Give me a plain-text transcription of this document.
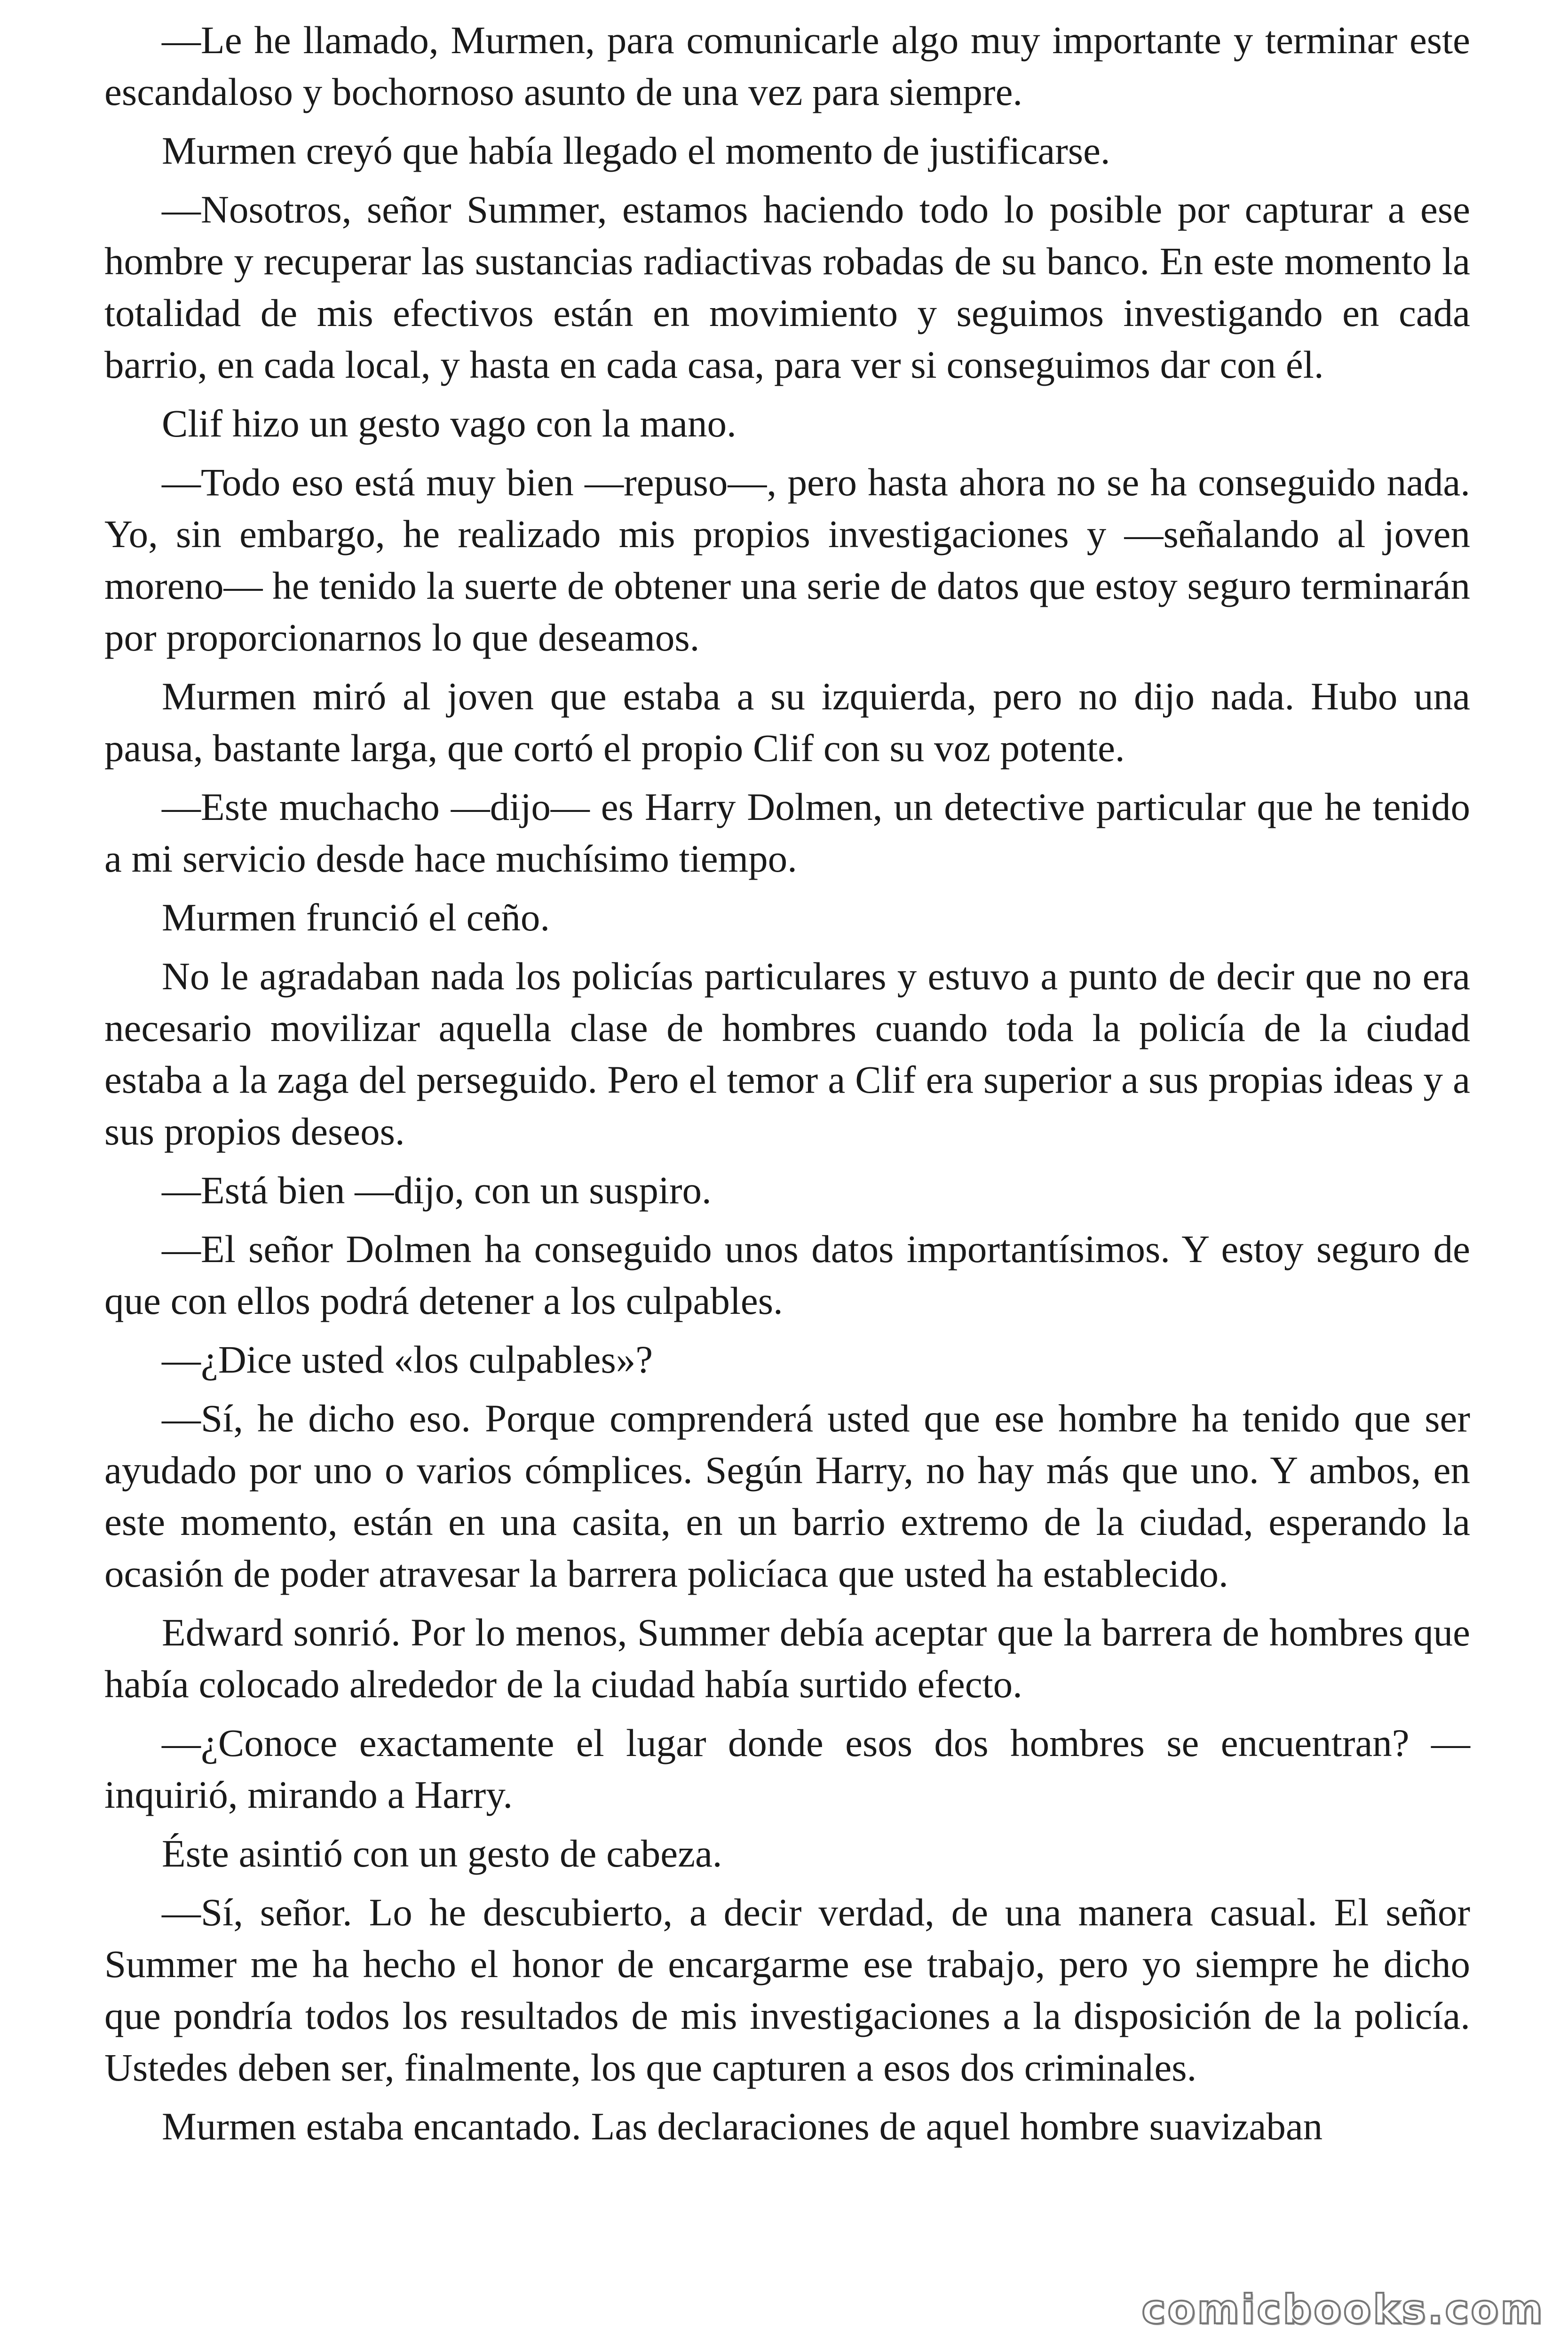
—Le he llamado, Murmen, para comunicarle algo muy importante y terminar este escandaloso y bochornoso asunto de una vez para siempre.

Murmen creyó que había llegado el momento de justificarse.

—Nosotros, señor Summer, estamos haciendo todo lo posible por capturar a ese hombre y recuperar las sustancias radiactivas robadas de su banco. En este momento la totalidad de mis efectivos están en movimiento y seguimos investigando en cada barrio, en cada local, y hasta en cada casa, para ver si conseguimos dar con él.

Clif hizo un gesto vago con la mano.

—Todo eso está muy bien —repuso—, pero hasta ahora no se ha conseguido nada. Yo, sin embargo, he realizado mis propios investigaciones y —señalando al joven moreno— he tenido la suerte de obtener una serie de datos que estoy seguro terminarán por proporcionarnos lo que deseamos.

Murmen miró al joven que estaba a su izquierda, pero no dijo nada. Hubo una pausa, bastante larga, que cortó el propio Clif con su voz potente.

—Este muchacho —dijo— es Harry Dolmen, un detective particular que he tenido a mi servicio desde hace muchísimo tiempo.

Murmen frunció el ceño.

No le agradaban nada los policías particulares y estuvo a punto de decir que no era necesario movilizar aquella clase de hombres cuando toda la policía de la ciudad estaba a la zaga del perseguido. Pero el temor a Clif era superior a sus propias ideas y a sus propios deseos.

—Está bien —dijo, con un suspiro.

—El señor Dolmen ha conseguido unos datos importantísimos. Y estoy seguro de que con ellos podrá detener a los culpables.

—¿Dice usted «los culpables»?

—Sí, he dicho eso. Porque comprenderá usted que ese hombre ha tenido que ser ayudado por uno o varios cómplices. Según Harry, no hay más que uno. Y ambos, en este momento, están en una casita, en un barrio extremo de la ciudad, esperando la ocasión de poder atravesar la barrera policíaca que usted ha establecido.

Edward sonrió. Por lo menos, Summer debía aceptar que la barrera de hombres que había colocado alrededor de la ciudad había surtido efecto.

—¿Conoce exactamente el lugar donde esos dos hombres se encuentran? —inquirió, mirando a Harry.

Éste asintió con un gesto de cabeza.

—Sí, señor. Lo he descubierto, a decir verdad, de una manera casual. El señor Summer me ha hecho el honor de encargarme ese trabajo, pero yo siempre he dicho que pondría todos los resultados de mis investigaciones a la disposición de la policía. Ustedes deben ser, finalmente, los que capturen a esos dos criminales.

Murmen estaba encantado. Las declaraciones de aquel hombre suavizaban

comicbooks.com
